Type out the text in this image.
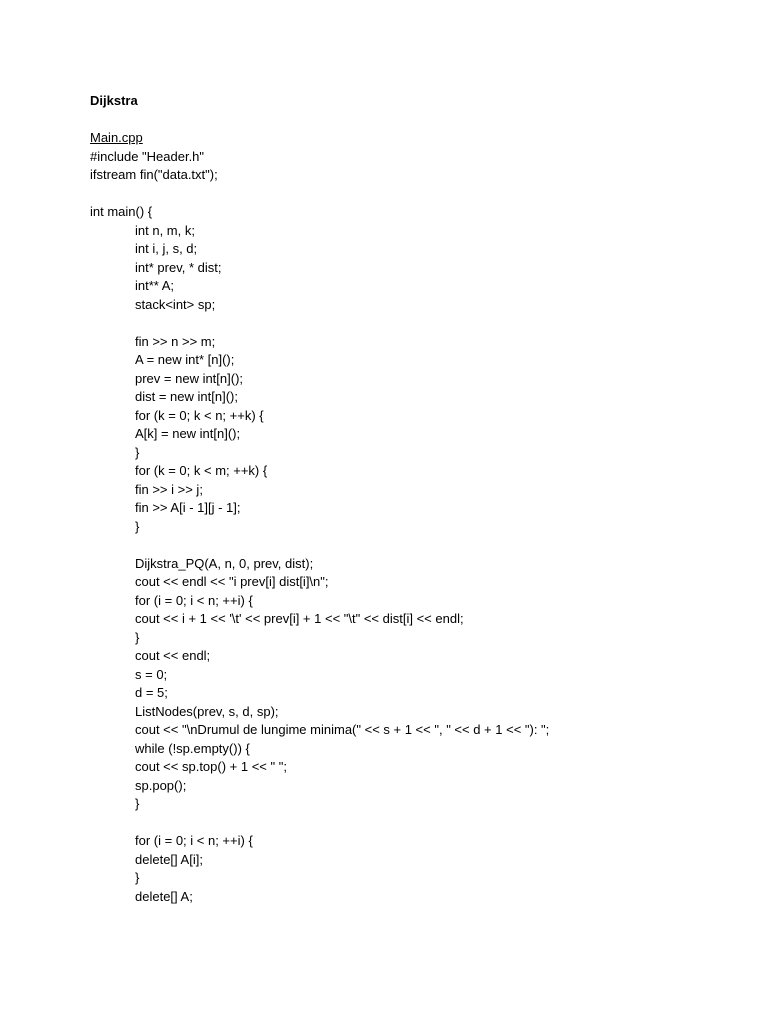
Dijkstra
Main.cpp
#include "Header.h"
ifstream fin("data.txt");
int main() {
int n, m, k;
int i, j, s, d;
int* prev, * dist;
int** A;
stack<int> sp;
fin >> n >> m;
A = new int* [n]();
prev = new int[n]();
dist = new int[n]();
for (k = 0; k < n; ++k) {
A[k] = new int[n]();
}
for (k = 0; k < m; ++k) {
fin >> i >> j;
fin >> A[i - 1][j - 1];
}
Dijkstra_PQ(A, n, 0, prev, dist);
cout << endl << "i prev[i] dist[i]\n";
for (i = 0; i < n; ++i) {
cout << i + 1 << '\t' << prev[i] + 1 << "\t" << dist[i] << endl;
}
cout << endl;
s = 0;
d = 5;
ListNodes(prev, s, d, sp);
cout << "\nDrumul de lungime minima(" << s + 1 << ", " << d + 1 << "): ";
while (!sp.empty()) {
cout << sp.top() + 1 << " ";
sp.pop();
}
for (i = 0; i < n; ++i) {
delete[] A[i];
}
delete[] A;
